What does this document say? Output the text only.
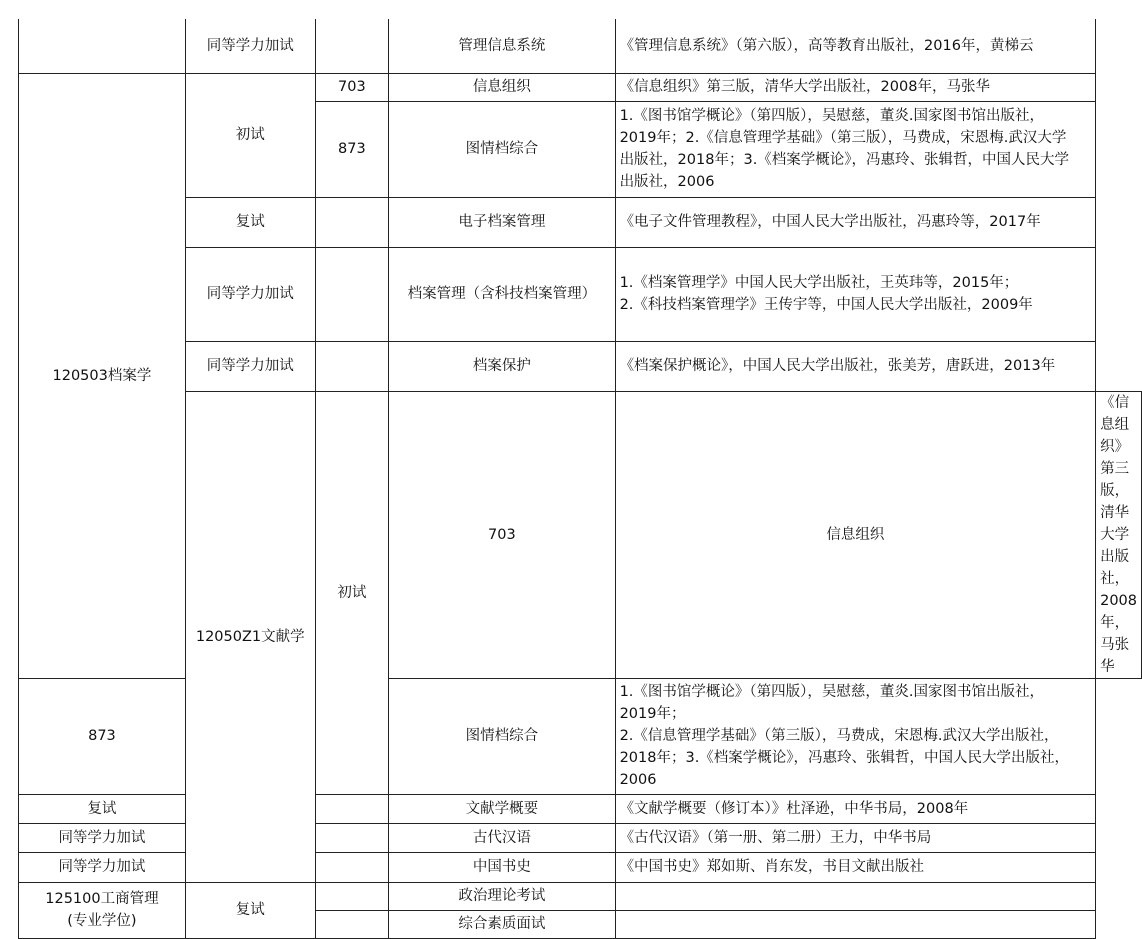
	同等学力加试		管理信息系统	《管理信息系统》（第六版），高等教育出版社，2016年，黄梯云	
120503档案学	初试	703	信息组织	《信息组织》第三版，清华大学出版社，2008年，马张华	
		873	图情档综合	1.《图书馆学概论》（第四版），吴慰慈，董炎.国家图书馆出版社，
2019年；2.《信息管理学基础》（第三版），马费成，宋恩梅.武汉大学
出版社，2018年；3.《档案学概论》，冯惠玲、张辑哲，中国人民大学
出版社，2006	
	复试		电子档案管理	《电子文件管理教程》，中国人民大学出版社，冯惠玲等，2017年	
	同等学力加试		档案管理（含科技档案管理）	1.《档案管理学》中国人民大学出版社，王英玮等，2015年；
2.《科技档案管理学》王传宇等，中国人民大学出版社，2009年	
	同等学力加试		档案保护	《档案保护概论》，中国人民大学出版社，张美芳，唐跃进，2013年	
	12050Z1文献学	初试	703	信息组织	《信息组织》第三版，清华大学出版社，2008年，马张华
873			图情档综合	1.《图书馆学概论》（第四版），吴慰慈，董炎.国家图书馆出版社，
2019年；
2.《信息管理学基础》（第三版），马费成，宋恩梅.武汉大学出版社，
2018年；3.《档案学概论》，冯惠玲、张辑哲，中国人民大学出版社，
2006	
复试			文献学概要	《文献学概要（修订本）》杜泽逊，中华书局，2008年	
同等学力加试			古代汉语	《古代汉语》（第一册、第二册）王力，中华书局	
同等学力加试			中国书史	《中国书史》郑如斯、肖东发，书目文献出版社	

125100工商管理
(专业学位)	复试		政治理论考试		
			综合素质面试		
